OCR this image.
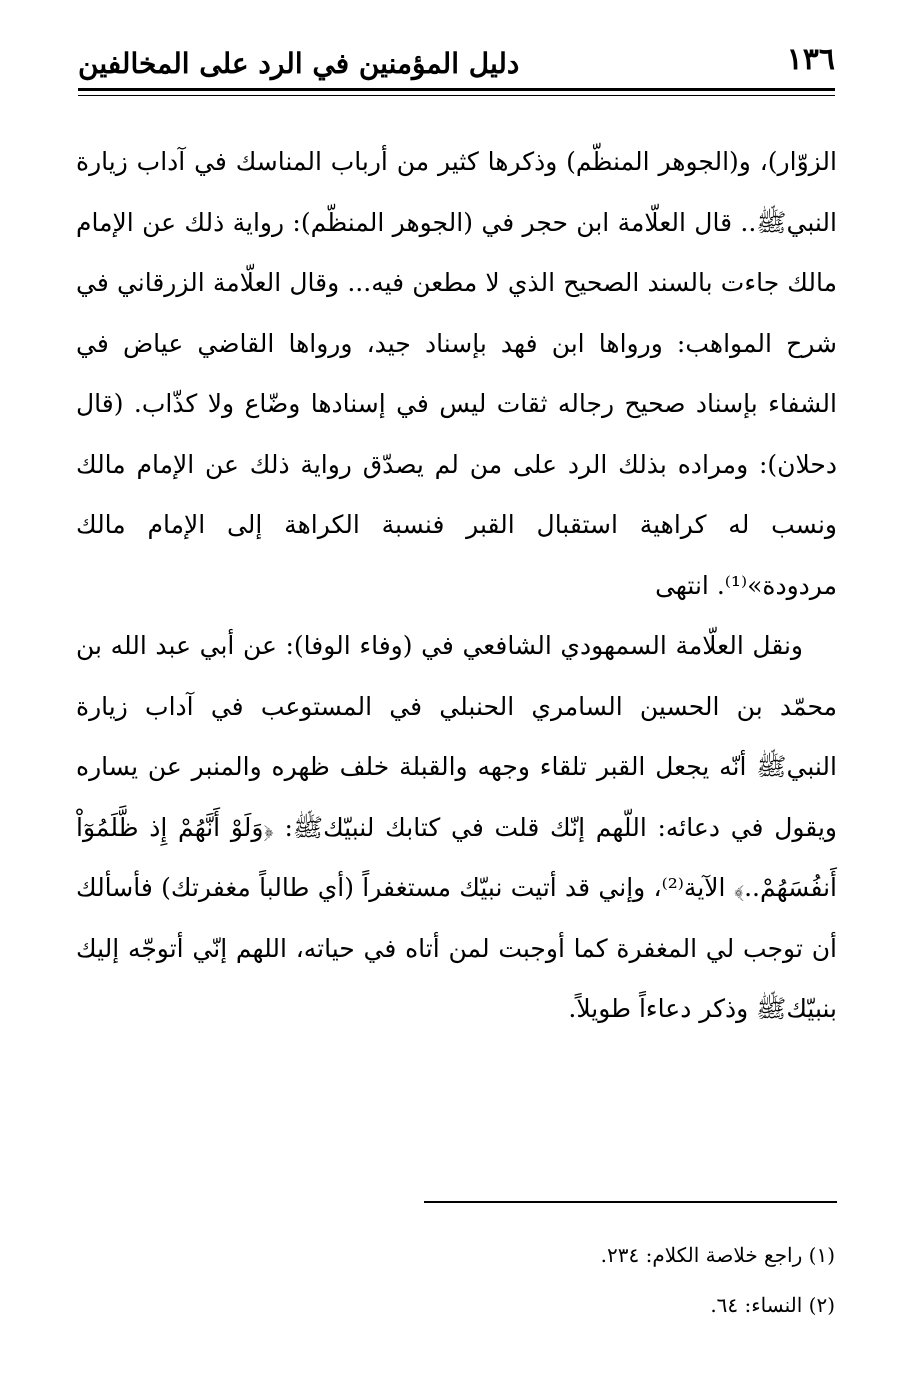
١٣٦
دليل المؤمنين في الرد على المخالفين

الزوّار)، و(الجوهر المنظّم) وذكرها كثير من أرباب المناسك في آداب زيارة النبيﷺ.. قال العلّامة ابن حجر في (الجوهر المنظّم): رواية ذلك عن الإمام مالك جاءت بالسند الصحيح الذي لا مطعن فيه... وقال العلّامة الزرقاني في شرح المواهب: ورواها ابن فهد بإسناد جيد، ورواها القاضي عياض في الشفاء بإسناد صحيح رجاله ثقات ليس في إسنادها وضّاع ولا كذّاب. (قال دحلان): ومراده بذلك الرد على من لم يصدّق رواية ذلك عن الإمام مالك ونسب له كراهية استقبال القبر فنسبة الكراهة إلى الإمام مالك مردودة»⁽¹⁾. انتهى

ونقل العلّامة السمهودي الشافعي في (وفاء الوفا): عن أبي عبد الله بن محمّد بن الحسين السامري الحنبلي في المستوعب في آداب زيارة النبيﷺ أنّه يجعل القبر تلقاء وجهه والقبلة خلف ظهره والمنبر عن يساره ويقول في دعائه: اللّهم إنّك قلت في كتابك لنبيّكﷺ: ﴿وَلَوْ أَنَّهُمْ إِذ ظَّلَمُوٓاْ أَنفُسَهُمْ..﴾ الآية⁽²⁾، وإني قد أتيت نبيّك مستغفراً (أي طالباً مغفرتك) فأسألك أن توجب لي المغفرة كما أوجبت لمن أتاه في حياته، اللهم إنّي أتوجّه إليك بنبيّكﷺ وذكر دعاءاً طويلاً.

(١) راجع خلاصة الكلام: ٢٣٤.

(٢) النساء: ٦٤.
